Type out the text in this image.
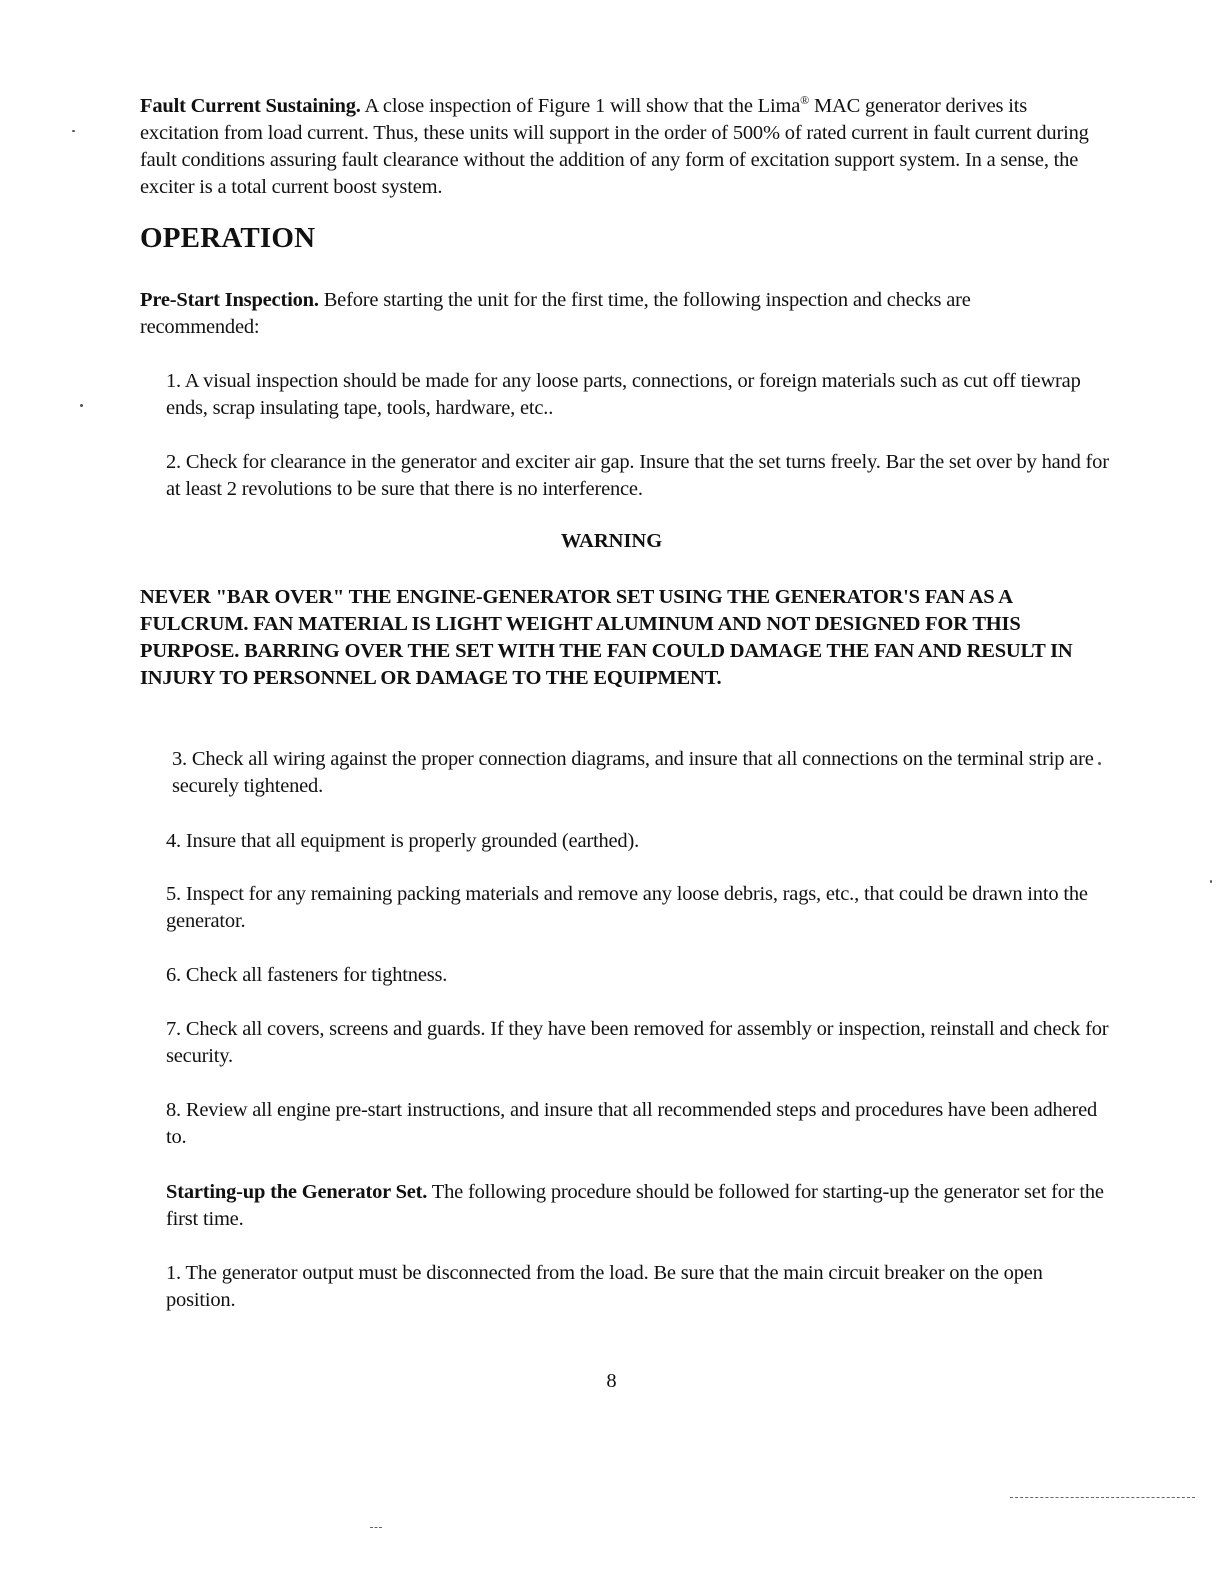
Fault Current Sustaining. A close inspection of Figure 1 will show that the Lima® MAC generator derives its excitation from load current. Thus, these units will support in the order of 500% of rated current in fault current during fault conditions assuring fault clearance without the addition of any form of excitation support system. In a sense, the exciter is a total current boost system.
OPERATION
Pre-Start Inspection. Before starting the unit for the first time, the following inspection and checks are recommended:
1. A visual inspection should be made for any loose parts, connections, or foreign materials such as cut off tiewrap ends, scrap insulating tape, tools, hardware, etc..
2. Check for clearance in the generator and exciter air gap. Insure that the set turns freely. Bar the set over by hand for at least 2 revolutions to be sure that there is no interference.
WARNING
NEVER "BAR OVER" THE ENGINE-GENERATOR SET USING THE GENERATOR'S FAN AS A FULCRUM. FAN MATERIAL IS LIGHT WEIGHT ALUMINUM AND NOT DESIGNED FOR THIS PURPOSE. BARRING OVER THE SET WITH THE FAN COULD DAMAGE THE FAN AND RESULT IN INJURY TO PERSONNEL OR DAMAGE TO THE EQUIPMENT.
3. Check all wiring against the proper connection diagrams, and insure that all connections on the terminal strip are securely tightened.
4. Insure that all equipment is properly grounded (earthed).
5. Inspect for any remaining packing materials and remove any loose debris, rags, etc., that could be drawn into the generator.
6. Check all fasteners for tightness.
7. Check all covers, screens and guards. If they have been removed for assembly or inspection, reinstall and check for security.
8. Review all engine pre-start instructions, and insure that all recommended steps and procedures have been adhered to.
Starting-up the Generator Set. The following procedure should be followed for starting-up the generator set for the first time.
1. The generator output must be disconnected from the load. Be sure that the main circuit breaker on the open position.
8
